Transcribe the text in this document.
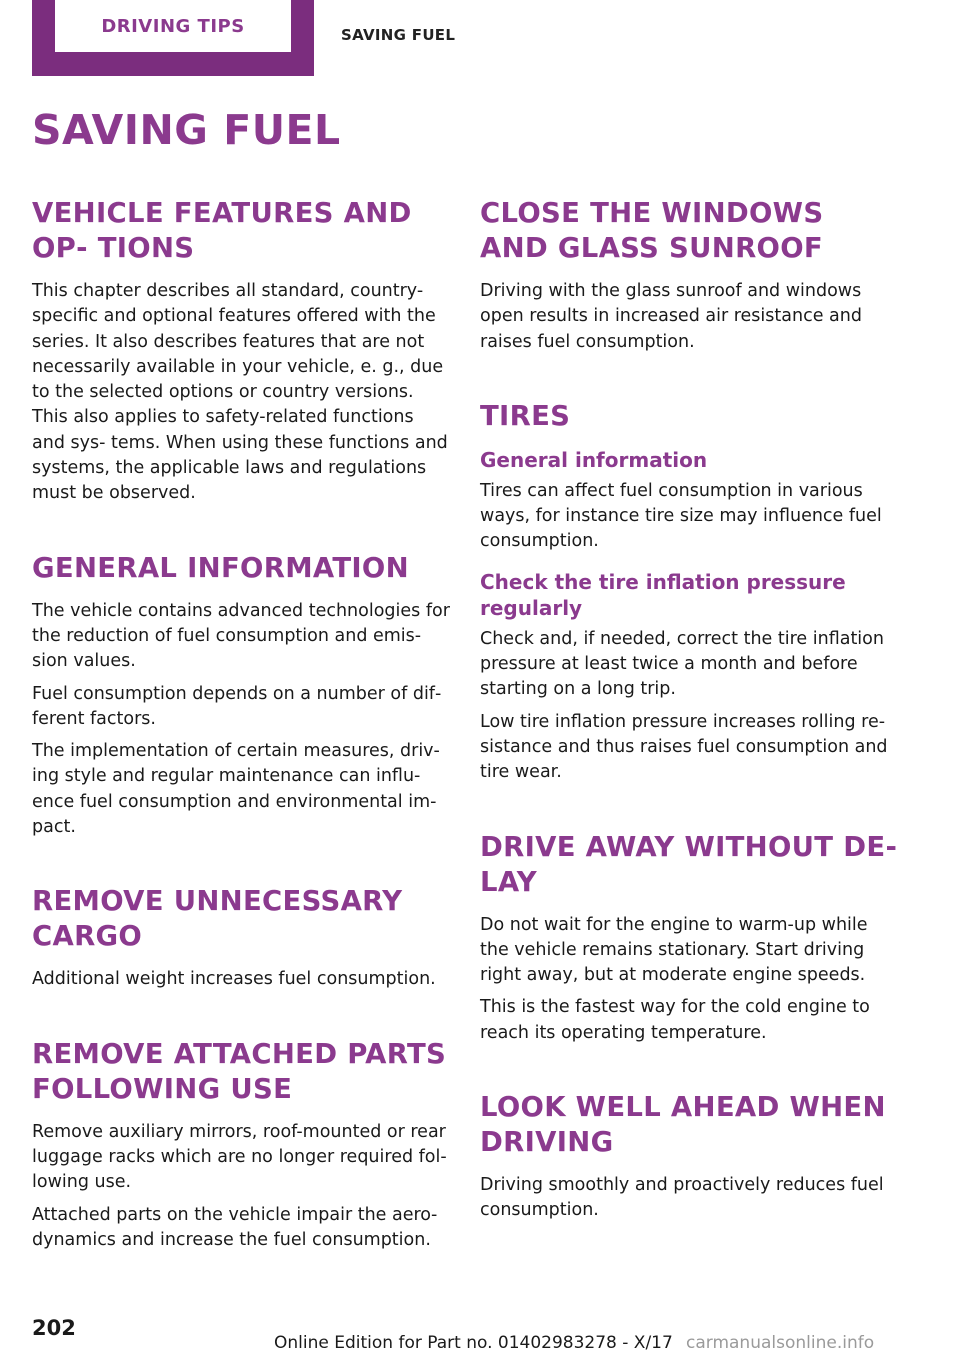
DRIVING TIPS	SAVING FUEL
SAVING FUEL
VEHICLE FEATURES AND OP‐ TIONS

This chapter describes all standard, country-specific and optional features offered with the series. It also describes features that are not necessarily available in your vehicle, e. g., due to the selected options or country versions. This also applies to safety-related functions and sys‐ tems. When using these functions and systems, the applicable laws and regulations must be observed.

GENERAL INFORMATION

The vehicle contains advanced technologies for the reduction of fuel consumption and emis‐ sion values.

Fuel consumption depends on a number of dif‐ ferent factors.

The implementation of certain measures, driv‐ ing style and regular maintenance can influ‐ ence fuel consumption and environmental im‐ pact.

REMOVE UNNECESSARY CARGO

Additional weight increases fuel consumption.

REMOVE ATTACHED PARTS FOLLOWING USE

Remove auxiliary mirrors, roof-mounted or rear luggage racks which are no longer required fol‐ lowing use.

Attached parts on the vehicle impair the aero‐ dynamics and increase the fuel consumption.

CLOSE THE WINDOWS AND GLASS SUNROOF

Driving with the glass sunroof and windows open results in increased air resistance and raises fuel consumption.

TIRES
General information

Tires can affect fuel consumption in various ways, for instance tire size may influence fuel consumption.

Check the tire inflation pressure regularly

Check and, if needed, correct the tire inflation pressure at least twice a month and before starting on a long trip.

Low tire inflation pressure increases rolling re‐ sistance and thus raises fuel consumption and tire wear.

DRIVE AWAY WITHOUT DE‐ LAY

Do not wait for the engine to warm-up while the vehicle remains stationary. Start driving right away, but at moderate engine speeds.

This is the fastest way for the cold engine to reach its operating temperature.

LOOK WELL AHEAD WHEN DRIVING

Driving smoothly and proactively reduces fuel consumption.

202
Online Edition for Part no. 01402983278 - X/17 carmanualsonline.info
